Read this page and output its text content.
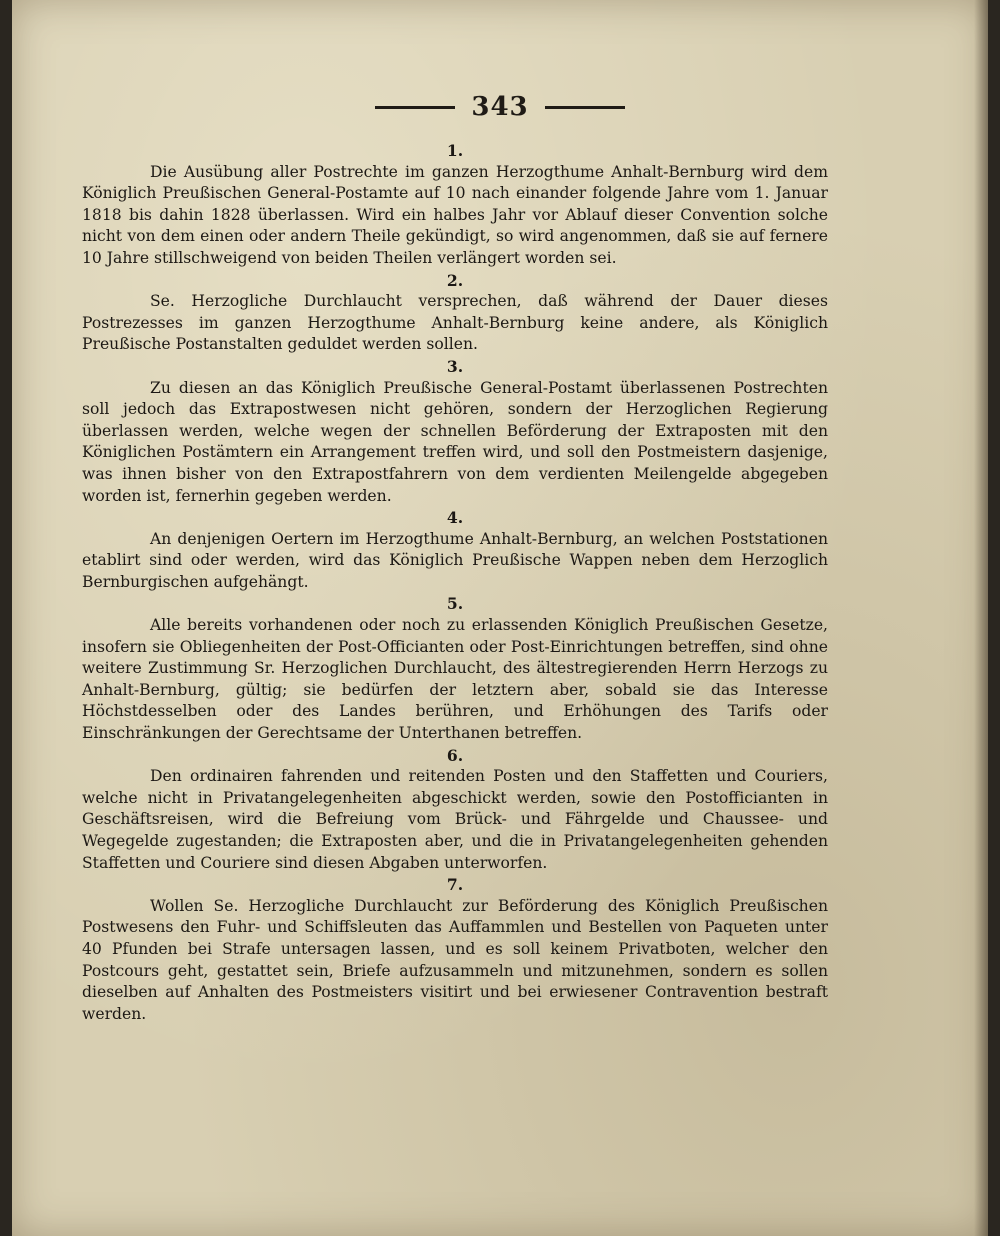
343

1.

Die Ausübung aller Postrechte im ganzen Herzogthume Anhalt-Bernburg wird dem Königlich Preußischen General-Postamte auf 10 nach einander folgende Jahre vom 1. Januar 1818 bis dahin 1828 überlassen. Wird ein halbes Jahr vor Ablauf dieser Convention solche nicht von dem einen oder andern Theile gekündigt, so wird angenommen, daß sie auf fernere 10 Jahre stillschweigend von beiden Theilen verlängert worden sei.

2.

Se. Herzogliche Durchlaucht versprechen, daß während der Dauer dieses Postrezesses im ganzen Herzogthume Anhalt-Bernburg keine andere, als Königlich Preußische Postanstalten geduldet werden sollen.

3.

Zu diesen an das Königlich Preußische General-Postamt überlassenen Postrechten soll jedoch das Extrapostwesen nicht gehören, sondern der Herzoglichen Regierung überlassen werden, welche wegen der schnellen Beförderung der Extraposten mit den Königlichen Postämtern ein Arrangement treffen wird, und soll den Postmeistern dasjenige, was ihnen bisher von den Extrapostfahrern von dem verdienten Meilengelde abgegeben worden ist, fernerhin gegeben werden.

4.

An denjenigen Oertern im Herzogthume Anhalt-Bernburg, an welchen Poststationen etablirt sind oder werden, wird das Königlich Preußische Wappen neben dem Herzoglich Bernburgischen aufgehängt.

5.

Alle bereits vorhandenen oder noch zu erlassenden Königlich Preußischen Gesetze, insofern sie Obliegenheiten der Post-Officianten oder Post-Einrichtungen betreffen, sind ohne weitere Zustimmung Sr. Herzoglichen Durchlaucht, des ältestregierenden Herrn Herzogs zu Anhalt-Bernburg, gültig; sie bedürfen der letztern aber, sobald sie das Interesse Höchstdesselben oder des Landes berühren, und Erhöhungen des Tarifs oder Einschränkungen der Gerechtsame der Unterthanen betreffen.

6.

Den ordinairen fahrenden und reitenden Posten und den Staffetten und Couriers, welche nicht in Privatangelegenheiten abgeschickt werden, sowie den Postofficianten in Geschäftsreisen, wird die Befreiung vom Brück- und Fährgelde und Chaussee- und Wegegelde zugestanden; die Extraposten aber, und die in Privatangelegenheiten gehenden Staffetten und Couriere sind diesen Abgaben unterworfen.

7.

Wollen Se. Herzogliche Durchlaucht zur Beförderung des Königlich Preußischen Postwesens den Fuhr- und Schiffsleuten das Auffammlen und Bestellen von Paqueten unter 40 Pfunden bei Strafe untersagen lassen, und es soll keinem Privatboten, welcher den Postcours geht, gestattet sein, Briefe aufzusammeln und mitzunehmen, sondern es sollen dieselben auf Anhalten des Postmeisters visitirt und bei erwiesener Contravention bestraft werden.
